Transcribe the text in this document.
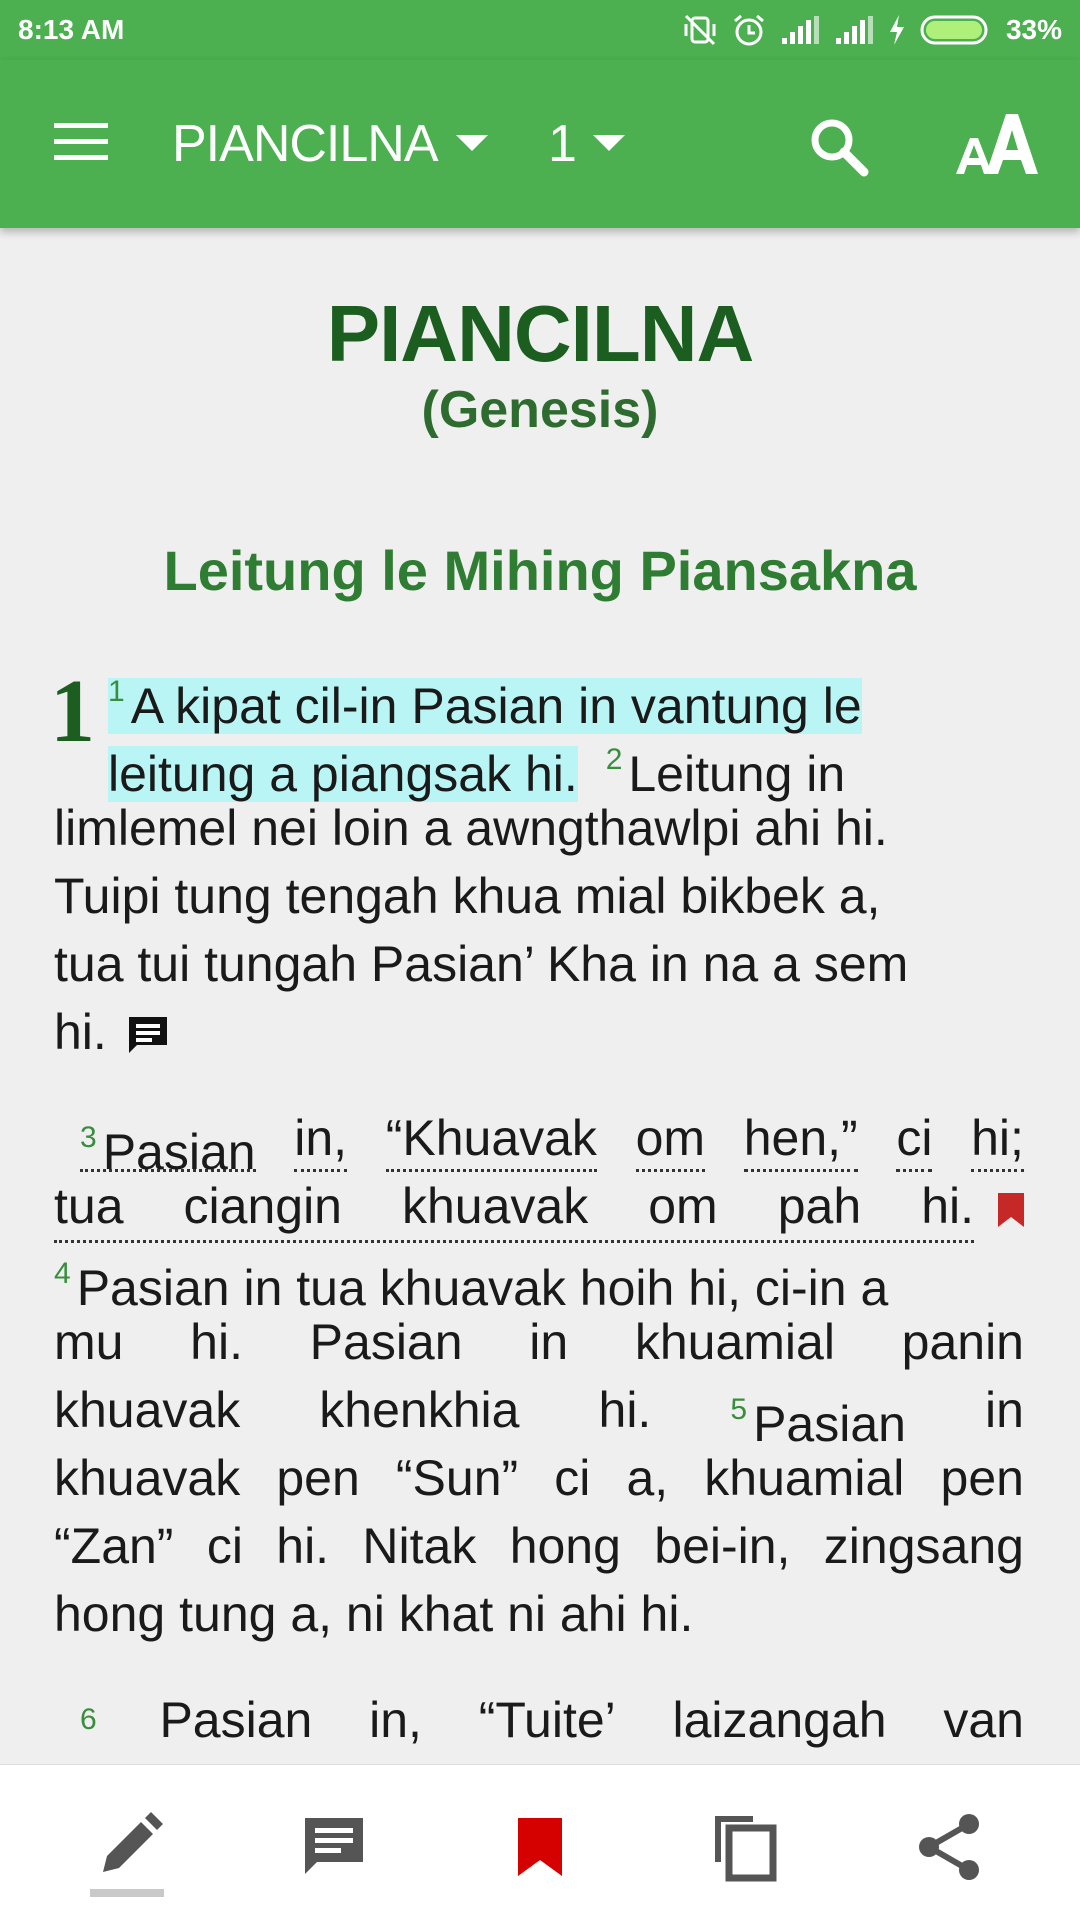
8:13 AM	33%
PIANCILNA 1
PIANCILNA
(Genesis)
Leitung le Mihing Piansakna
1 $^1$ A kipat cil-in Pasian in vantung le
leitung a piangsak hi. $^2$ Leitung in
limlemel nei loin a awngthawlpi ahi hi.
Tuipi tung tengah khua mial bikbek a,
tua tui tungah Pasian’ Kha in na a sem
hi.
$^3$ Pasian in, “Khuavak om hen,” ci hi;
tua ciangin khuavak om pah hi.

$^4$ Pasian in tua khuavak hoih hi, ci-in a
mu hi. Pasian in khuamial panin
khuavak khenkhia hi.	$^5$ Pasian in
khuavak pen “Sun” ci a, khuamial pen
“Zan” ci hi. Nitak hong bei-in, zingsang
hong tung a, ni khat ni ahi hi.
$^6$ Pasian in, “Tuite’ laizangah van
